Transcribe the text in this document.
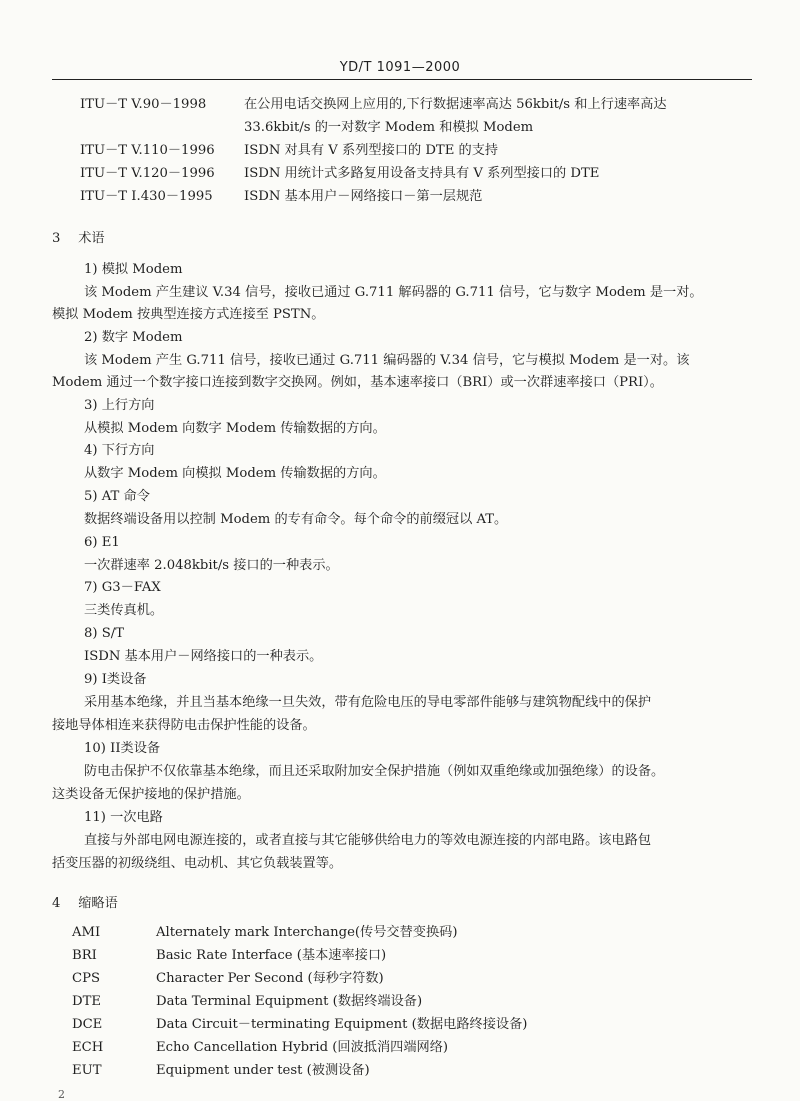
YD/T 1091—2000
ITU－T V.90－1998	在公用电话交换网上应用的,下行数据速率高达 56kbit/s 和上行速率高达
33.6kbit/s 的一对数字 Modem 和模拟 Modem
ITU－T V.110－1996 ISDN 对具有 V 系列型接口的 DTE 的支持
ITU－T V.120－1996 ISDN 用统计式多路复用设备支持具有 V 系列型接口的 DTE
ITU－T I.430－1995 ISDN 基本用户－网络接口－第一层规范
3 术语
1) 模拟 Modem
该 Modem 产生建议 V.34 信号，接收已通过 G.711 解码器的 G.711 信号，它与数字 Modem 是一对。
模拟 Modem 按典型连接方式连接至 PSTN。
2) 数字 Modem
该 Modem 产生 G.711 信号，接收已通过 G.711 编码器的 V.34 信号，它与模拟 Modem 是一对。该
Modem 通过一个数字接口连接到数字交换网。例如，基本速率接口（BRI）或一次群速率接口（PRI）。
3) 上行方向
从模拟 Modem 向数字 Modem 传输数据的方向。
4) 下行方向
从数字 Modem 向模拟 Modem 传输数据的方向。
5) AT 命令
数据终端设备用以控制 Modem 的专有命令。每个命令的前缀冠以 AT。
6) E1
一次群速率 2.048kbit/s 接口的一种表示。
7) G3－FAX
三类传真机。
8) S/T
ISDN 基本用户－网络接口的一种表示。
9) I类设备
采用基本绝缘，并且当基本绝缘一旦失效，带有危险电压的导电零部件能够与建筑物配线中的保护
接地导体相连来获得防电击保护性能的设备。
10) II类设备
防电击保护不仅依靠基本绝缘，而且还采取附加安全保护措施（例如双重绝缘或加强绝缘）的设备。
这类设备无保护接地的保护措施。
11) 一次电路
直接与外部电网电源连接的，或者直接与其它能够供给电力的等效电源连接的内部电路。该电路包
括变压器的初级绕组、电动机、其它负载装置等。
4 缩略语
AMI	Alternately mark Interchange(传号交替变换码)
BRI	Basic Rate Interface (基本速率接口)
CPS	Character Per Second (每秒字符数)
DTE	Data Terminal Equipment (数据终端设备)
DCE	Data Circuit－terminating Equipment (数据电路终接设备)
ECH	Echo Cancellation Hybrid (回波抵消四端网络)
EUT	Equipment under test (被测设备)
2
